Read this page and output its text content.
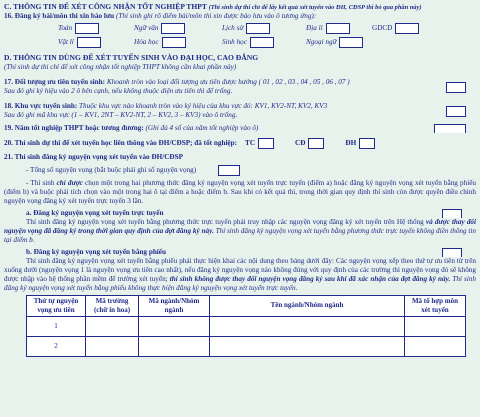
C. THÔNG TIN ĐỂ XÉT CÔNG NHẬN TỐT NGHIỆP THPT (Thí sinh dự thi chỉ để lấy kết quả xét tuyển vào ĐH, CĐSP thì bỏ qua phần này)
16. Đăng ký bài/môn thi xin bảo lưu (Thí sinh ghi rõ điểm bài/môn thi xin được bảo lưu vào ô tương ứng):
Toán	Ngữ văn	Lịch sử	Địa lí	GDCD
Vật lí	Hóa học	Sinh học	Ngoại ngữ
D. THÔNG TIN DÙNG ĐỂ XÉT TUYỂN SINH VÀO ĐẠI HỌC, CAO ĐẲNG
(Thí sinh dự thi chỉ để xét công nhận tốt nghiệp THPT không cần khai phần này)
17. Đối tượng ưu tiên tuyển sinh: Khoanh tròn vào loại đối tượng ưu tiên được hưởng ( 01 , 02 , 03 , 04 , 05 , 06 , 07 )
Sau đó ghi ký hiệu vào 2 ô bên cạnh, nếu không thuộc diện ưu tiên thì để trống.
18. Khu vực tuyển sinh: Thuộc khu vực nào khoanh tròn vào ký hiệu của khu vực đó: KV1, KV2-NT, KV2, KV3
Sau đó ghi mã khu vực (1 – KV1, 2NT – KV2-NT, 2 – KV2, 3 – KV3) vào ô trống.
19. Năm tốt nghiệp THPT hoặc tương đương: (Ghi đủ 4 số của năm tốt nghiệp vào ô)
20. Thí sinh dự thi để xét tuyển học liên thông vào ĐH/CĐSP; đã tốt nghiệp: TC	CĐ	ĐH
21. Thí sinh đăng ký nguyện vọng xét tuyển vào ĐH/CĐSP
- Tổng số nguyện vọng (bắt buộc phải ghi số nguyện vọng)
- Thí sinh chỉ được chọn một trong hai phương thức đăng ký nguyện vọng xét tuyển trực tuyến (điểm a) hoặc đăng ký nguyện vọng xét tuyển bằng phiếu (điểm b) và buộc phải tích chọn vào một trong hai ô tại điểm a hoặc điểm b. Sau khi có kết quả thi, trong thời gian quy định thí sinh còn được quyền điều chỉnh nguyện vọng đăng ký xét tuyển trực tuyến 3 lần.
a. Đăng ký nguyện vọng xét tuyển trực tuyến
Thí sinh đăng ký nguyện vọng xét tuyển bằng phương thức trực tuyến phải truy nhập các nguyện vọng đăng ký xét tuyển trên Hệ thống và được thay đổi nguyện vọng đã đăng ký trong thời gian quy định của đợt đăng ký này. Thí sinh đăng ký nguyện vọng xét tuyển bằng phương thức trực tuyến không điền thông tin tại điểm b.
b. Đăng ký nguyện vọng xét tuyển bằng phiếu
Thí sinh đăng ký nguyện vọng xét tuyển bằng phiếu phải thực hiện khai các nội dung theo bảng dưới đây: Các nguyện vọng xếp theo thứ tự ưu tiên từ trên xuống dưới (nguyện vọng 1 là nguyện vọng ưu tiên cao nhất), nếu đăng ký nguyện vọng nào không đúng với quy định của các trường thì nguyện vọng đó sẽ không được nhập vào hệ thống phần mềm để trường xét tuyển; thí sinh không được thay đổi nguyện vọng đăng ký sau khi đã xác nhận của đợt đăng ký này. Thí sinh đăng ký nguyện vọng xét tuyển bằng phiếu không thực hiện đăng ký nguyện vọng xét tuyển trực tuyến.
Thứ tự nguyện vọng ưu tiên	Mã trường (chữ in hoa)	Mã ngành/Nhóm ngành	Tên ngành/Nhóm ngành	Mã tổ hợp môn xét tuyển
1				
2				
